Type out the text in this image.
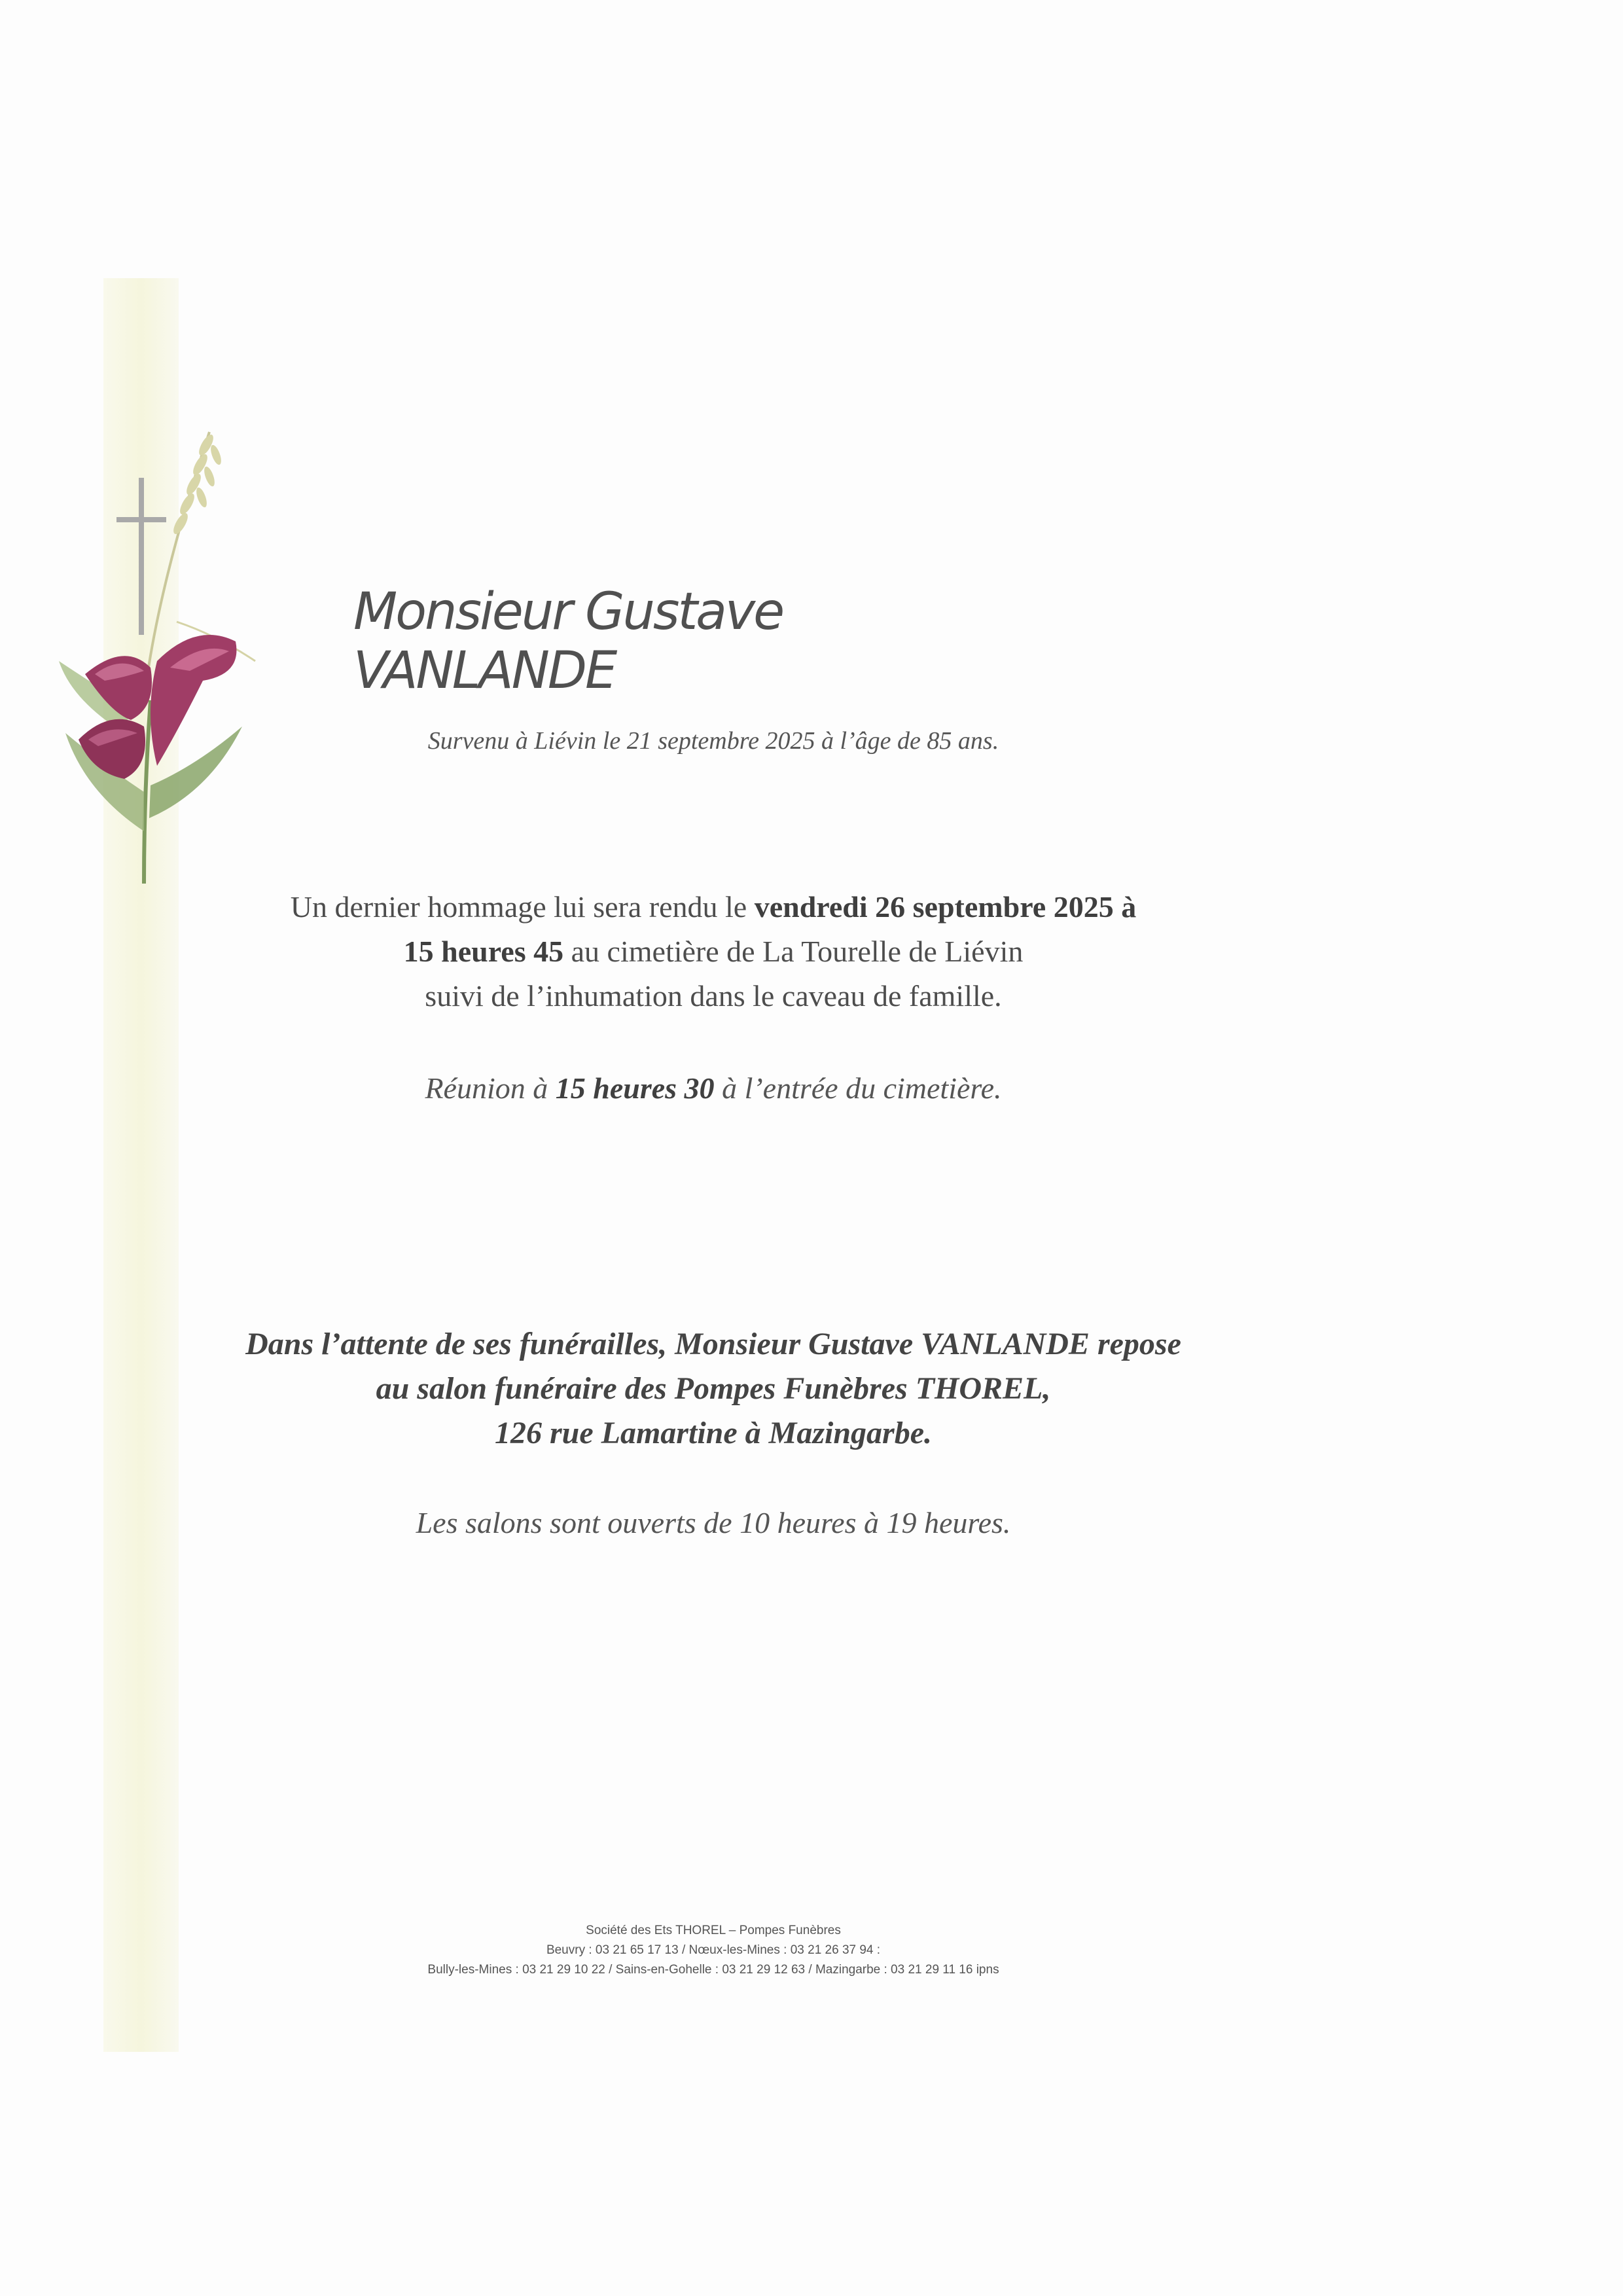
Monsieur Gustave VANLANDE
Survenu à Liévin le 21 septembre 2025 à l’âge de 85 ans.
Un dernier hommage lui sera rendu le vendredi 26 septembre 2025 à
15 heures 45 au cimetière de La Tourelle de Liévin
suivi de l’inhumation dans le caveau de famille.
Réunion à 15 heures 30 à l’entrée du cimetière.
Dans l’attente de ses funérailles, Monsieur Gustave VANLANDE repose
au salon funéraire des Pompes Funèbres THOREL,
126 rue Lamartine à Mazingarbe.
Les salons sont ouverts de 10 heures à 19 heures.
Société des Ets THOREL – Pompes Funèbres
Beuvry : 03 21 65 17 13 / Nœux-les-Mines : 03 21 26 37 94 :
Bully-les-Mines : 03 21 29 10 22 / Sains-en-Gohelle : 03 21 29 12 63 / Mazingarbe : 03 21 29 11 16 ipns
